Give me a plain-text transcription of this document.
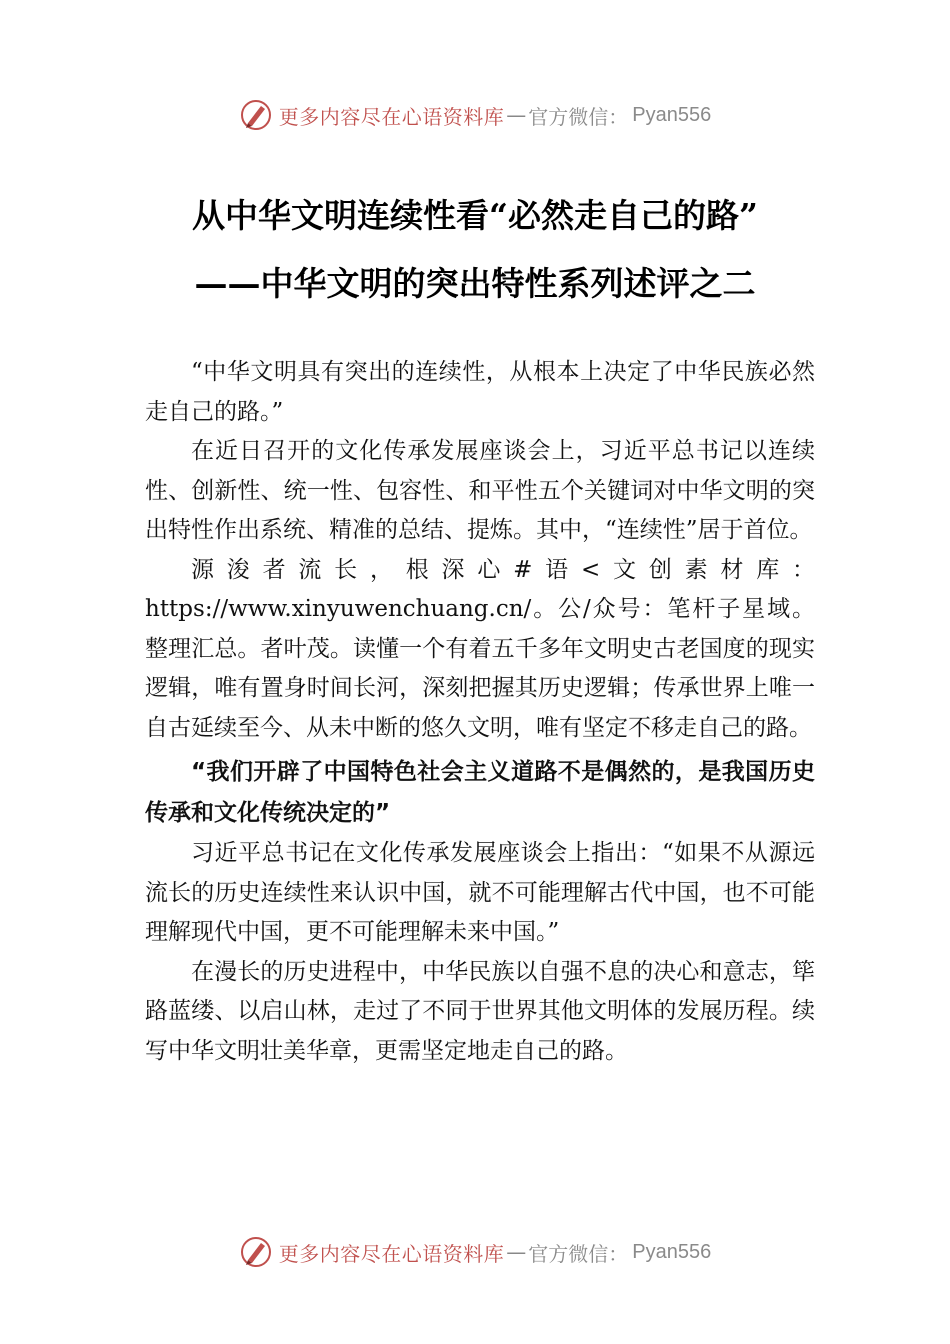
更多内容尽在心语资料库 — 官方微信： Pyan556
从中华文明连续性看“必然走自己的路”
——中华文明的突出特性系列述评之二

“中华文明具有突出的连续性，从根本上决定了中华民族必然走自己的路。”

在近日召开的文化传承发展座谈会上，习近平总书记以连续性、创新性、统一性、包容性、和平性五个关键词对中华文明的突出特性作出系统、精准的总结、提炼。其中，“连续性”居于首位。

源浚者流长，根深心#语<文创素材库：https://www.xinyuwenchuang.cn/。公/众号：笔杆子星域。整理汇总。者叶茂。读懂一个有着五千多年文明史古老国度的现实逻辑，唯有置身时间长河，深刻把握其历史逻辑；传承世界上唯一自古延续至今、从未中断的悠久文明，唯有坚定不移走自己的路。

“我们开辟了中国特色社会主义道路不是偶然的，是我国历史传承和文化传统决定的”

习近平总书记在文化传承发展座谈会上指出：“如果不从源远流长的历史连续性来认识中国，就不可能理解古代中国，也不可能理解现代中国，更不可能理解未来中国。”

在漫长的历史进程中，中华民族以自强不息的决心和意志，筚路蓝缕、以启山林，走过了不同于世界其他文明体的发展历程。续写中华文明壮美华章，更需坚定地走自己的路。

更多内容尽在心语资料库 — 官方微信： Pyan556
